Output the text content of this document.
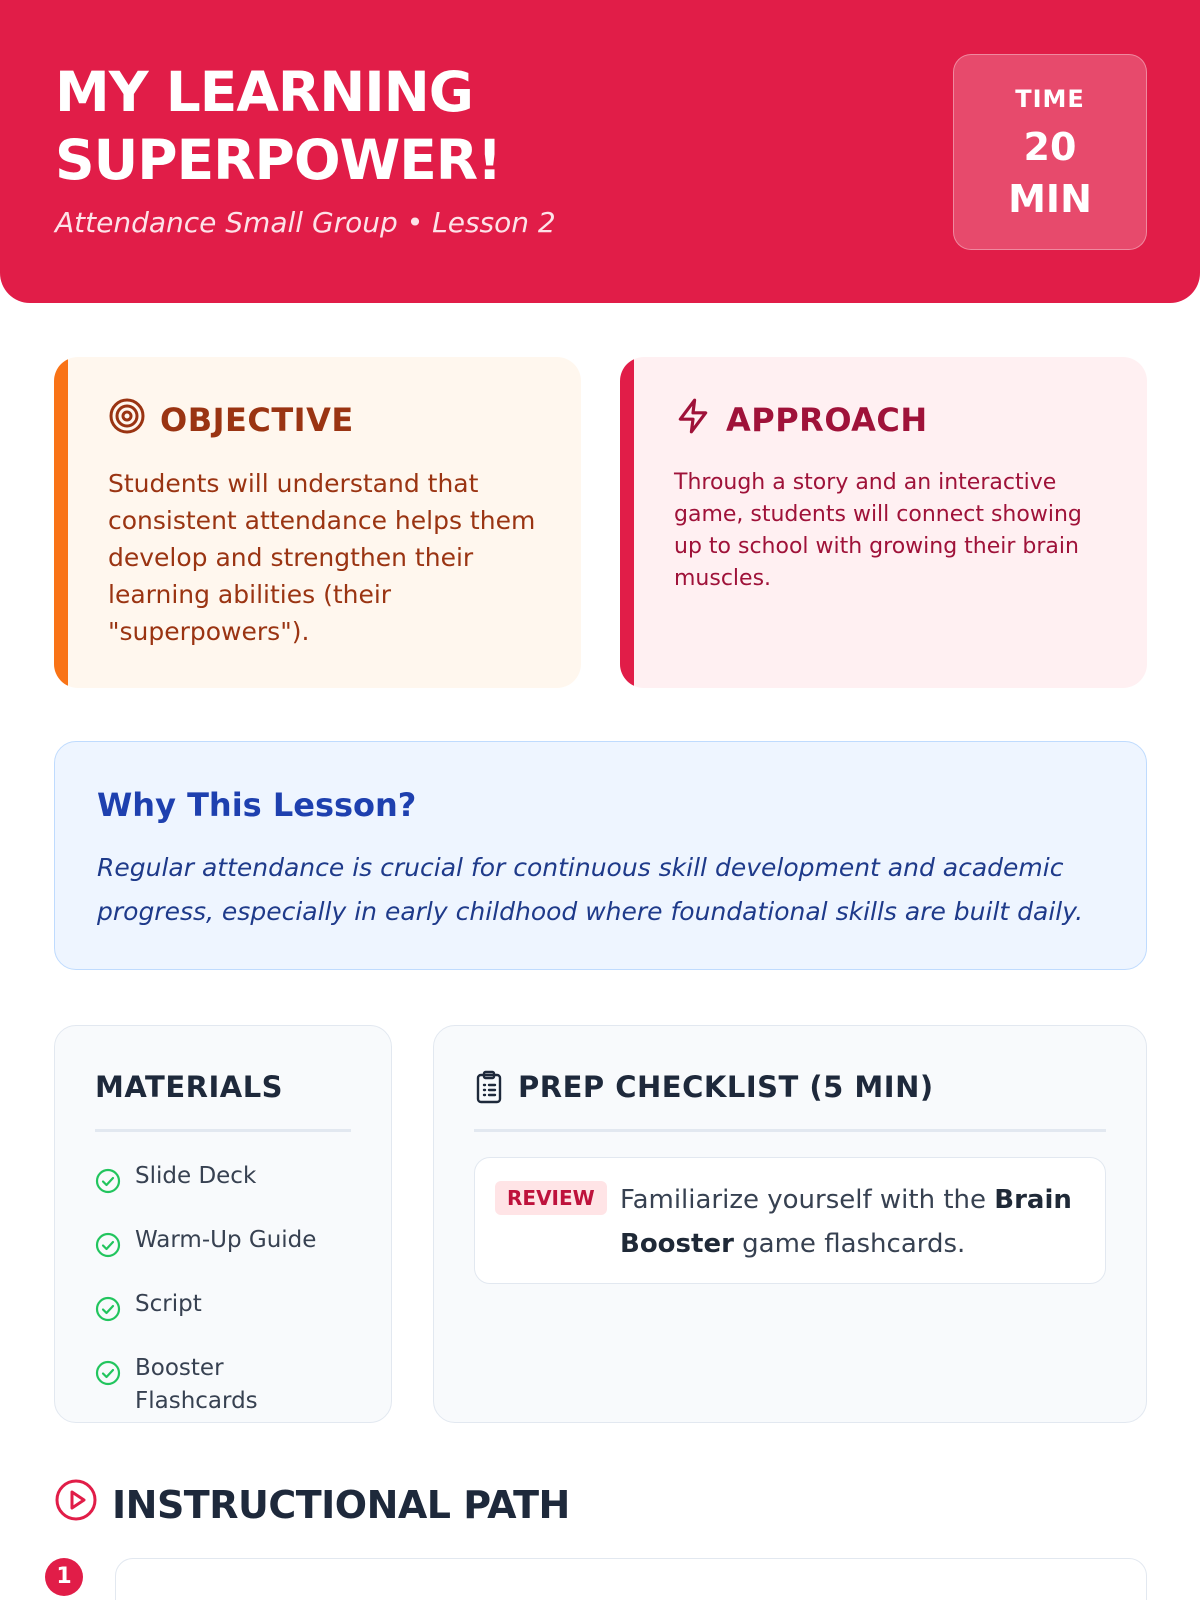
MY LEARNING SUPERPOWER!
Attendance Small Group • Lesson 2
TIME
20 MIN
OBJECTIVE
Students will understand that consistent attendance helps them develop and strengthen their learning abilities (their "superpowers").
APPROACH
Through a story and an interactive game, students will connect showing up to school with growing their brain muscles.
Why This Lesson?
Regular attendance is crucial for continuous skill development and academic progress, especially in early childhood where foundational skills are built daily.
MATERIALS
Slide Deck
Warm-Up Guide
Script
Booster Flashcards
PREP CHECKLIST (5 MIN)
REVIEW Familiarize yourself with the Brain Booster game flashcards.
INSTRUCTIONAL PATH
1
